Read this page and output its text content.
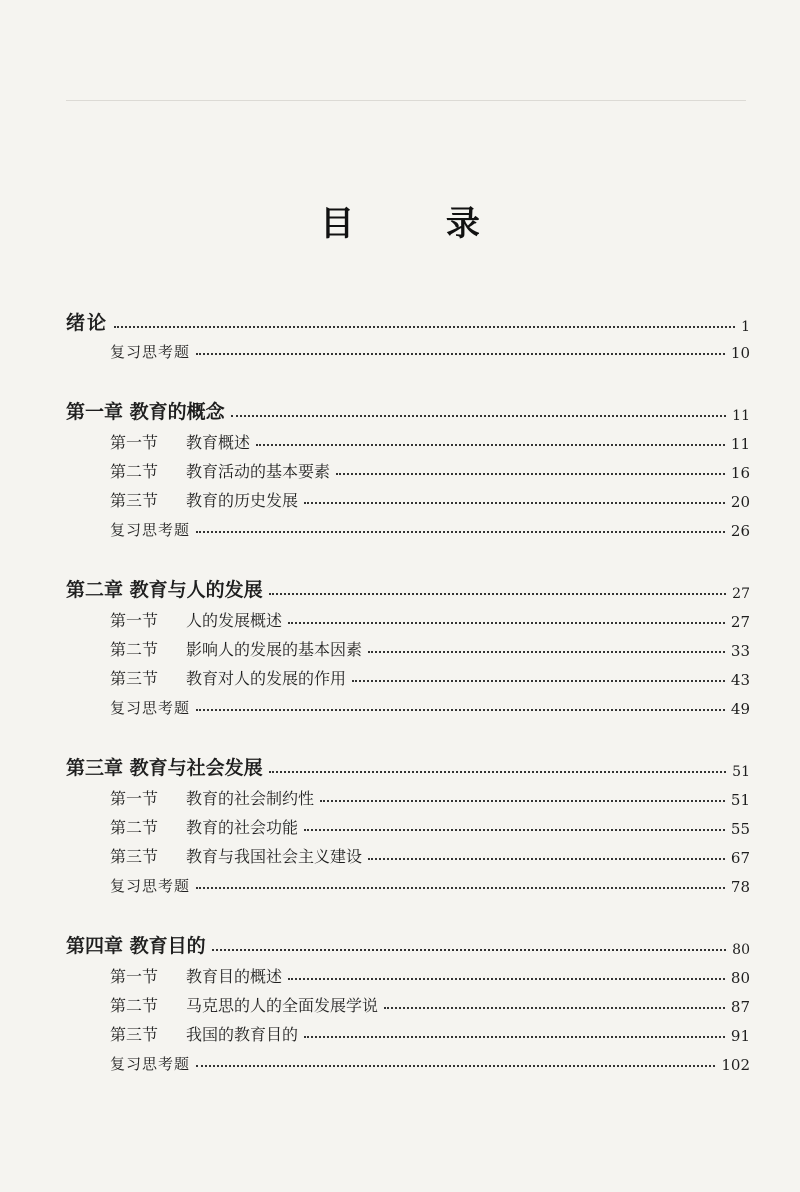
目 录
绪论	1
复习思考题	10
第一章 教育的概念	11
第一节 教育概述	11
第二节 教育活动的基本要素	16
第三节 教育的历史发展	20
复习思考题	26
第二章 教育与人的发展	27
第一节 人的发展概述	27
第二节 影响人的发展的基本因素	33
第三节 教育对人的发展的作用	43
复习思考题	49
第三章 教育与社会发展	51
第一节 教育的社会制约性	51
第二节 教育的社会功能	55
第三节 教育与我国社会主义建设	67
复习思考题	78
第四章 教育目的	80
第一节 教育目的概述	80
第二节 马克思的人的全面发展学说	87
第三节 我国的教育目的	91
复习思考题	102
